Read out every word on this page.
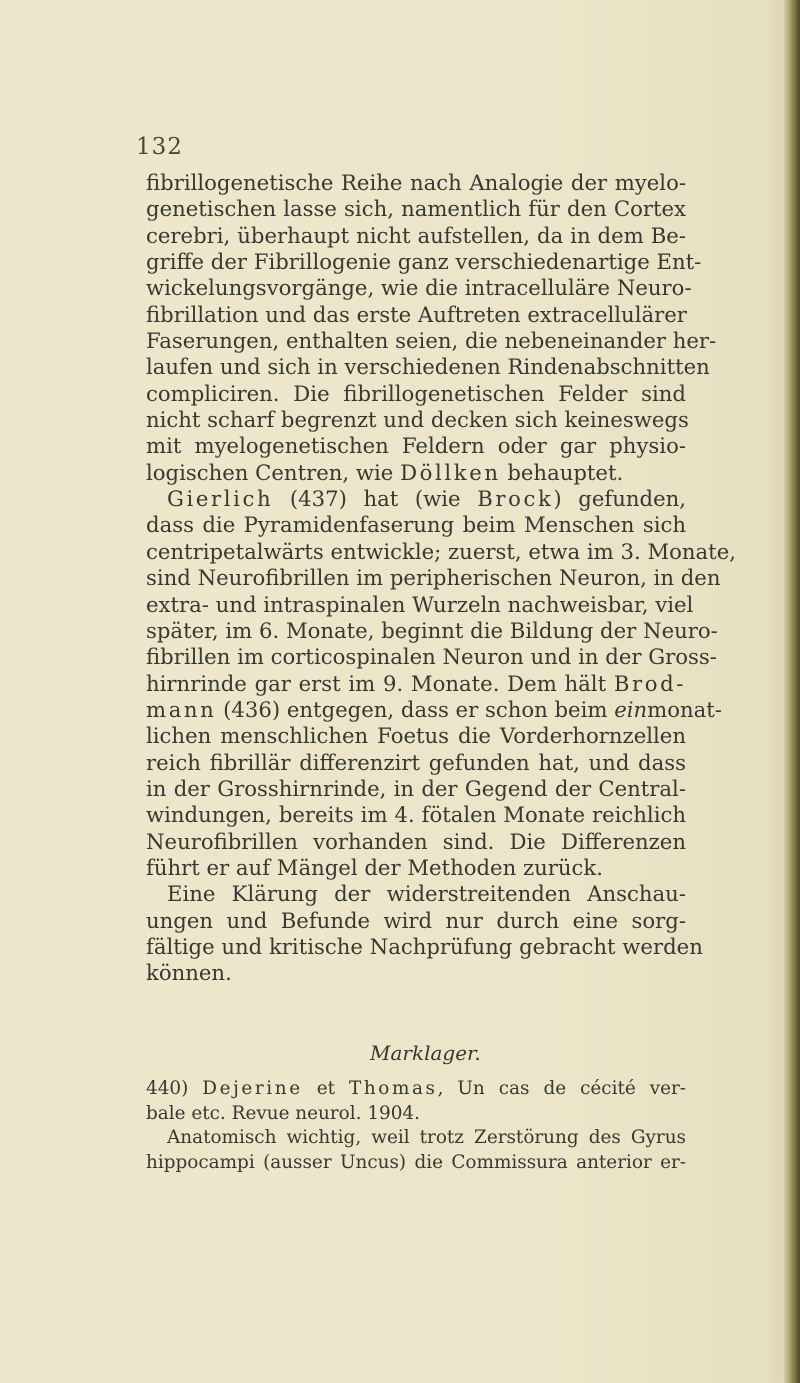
132
fibrillogenetische Reihe nach Analogie der myelo-
genetischen lasse sich, namentlich für den Cortex
cerebri, überhaupt nicht aufstellen, da in dem Be-
griffe der Fibrillogenie ganz verschiedenartige Ent-
wickelungsvorgänge, wie die intracelluläre Neuro-
fibrillation und das erste Auftreten extracellulärer
Faserungen, enthalten seien, die nebeneinander her-
laufen und sich in verschiedenen Rindenabschnitten
compliciren. Die fibrillogenetischen Felder sind
nicht scharf begrenzt und decken sich keineswegs
mit myelogenetischen Feldern oder gar physio-
logischen Centren, wie Döllken behauptet.
Gierlich (437) hat (wie Brock) gefunden,
dass die Pyramidenfaserung beim Menschen sich
centripetalwärts entwickle; zuerst, etwa im 3. Monate,
sind Neurofibrillen im peripherischen Neuron, in den
extra- und intraspinalen Wurzeln nachweisbar, viel
später, im 6. Monate, beginnt die Bildung der Neuro-
fibrillen im corticospinalen Neuron und in der Gross-
hirnrinde gar erst im 9. Monate. Dem hält Brod-
mann (436) entgegen, dass er schon beim einmonat-
lichen menschlichen Foetus die Vorderhornzellen
reich fibrillär differenzirt gefunden hat, und dass
in der Grosshirnrinde, in der Gegend der Central-
windungen, bereits im 4. fötalen Monate reichlich
Neurofibrillen vorhanden sind. Die Differenzen
führt er auf Mängel der Methoden zurück.
Eine Klärung der widerstreitenden Anschau-
ungen und Befunde wird nur durch eine sorg-
fältige und kritische Nachprüfung gebracht werden
können.
Marklager.
440) Dejerine et Thomas, Un cas de cécité ver-
bale etc. Revue neurol. 1904.
Anatomisch wichtig, weil trotz Zerstörung des Gyrus
hippocampi (ausser Uncus) die Commissura anterior er-
